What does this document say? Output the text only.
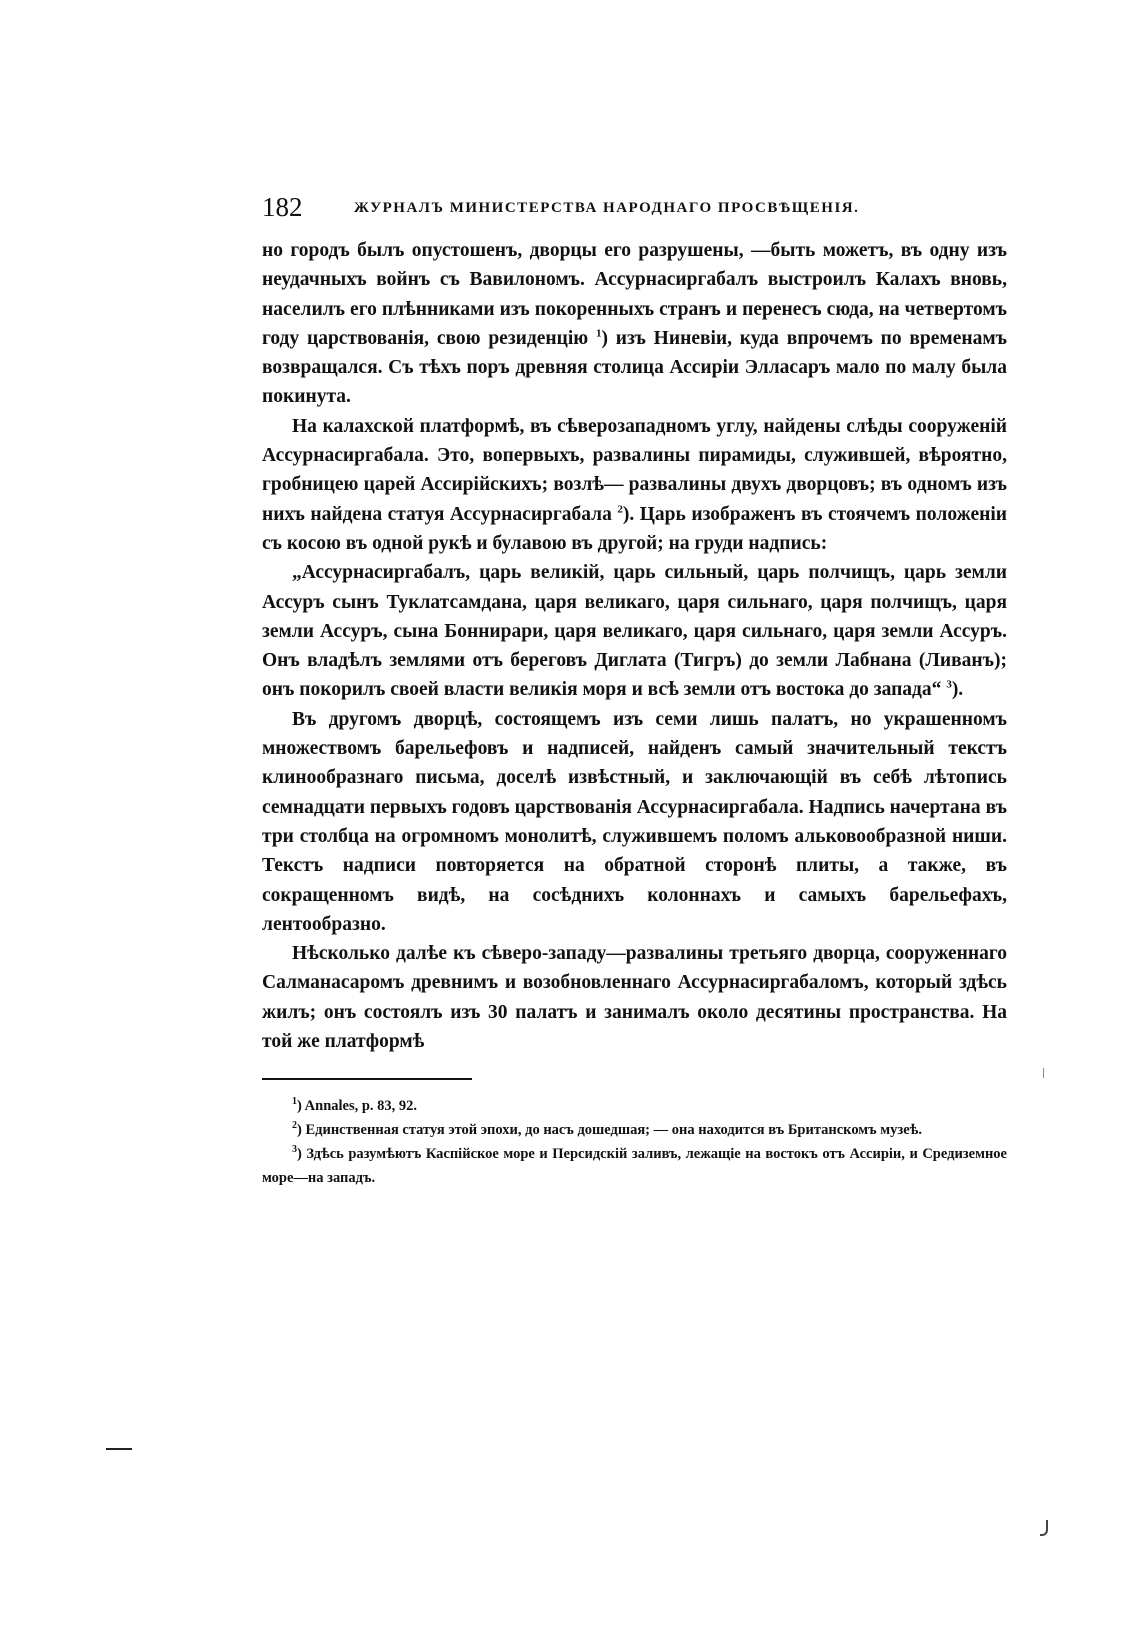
182	ЖУРНАЛЪ МИНИСТЕРСТВА НАРОДНАГО ПРОСВѢЩЕНІЯ.

но городъ былъ опустошенъ, дворцы его разрушены, —быть можетъ, въ одну изъ неудачныхъ войнъ съ Вавилономъ. Ассурнасиргабалъ выстроилъ Калахъ вновь, населилъ его плѣнниками изъ покоренныхъ странъ и перенесъ сюда, на четвертомъ году царствованія, свою резиденцію $^1$) изъ Ниневіи, куда впрочемъ по временамъ возвращался. Съ тѣхъ поръ древняя столица Ассиріи Элласаръ мало по малу была покинута.

На калахской платформѣ, въ сѣверозападномъ углу, найдены слѣды сооруженій Ассурнасиргабала. Это, вопервыхъ, развалины пирамиды, служившей, вѣроятно, гробницею царей Ассирійскихъ; возлѣ— развалины двухъ дворцовъ; въ одномъ изъ нихъ найдена статуя Ассурнасиргабала $^2$). Царь изображенъ въ стоячемъ положеніи съ косою въ одной рукѣ и булавою въ другой; на груди надпись:

„Ассурнасиргабалъ, царь великій, царь сильный, царь полчищъ, царь земли Ассуръ сынъ Туклатсамдана, царя великаго, царя сильнаго, царя полчищъ, царя земли Ассуръ, сына Боннирари, царя великаго, царя сильнаго, царя земли Ассуръ. Онъ владѣлъ землями отъ береговъ Диглата (Тигръ) до земли Лабнана (Ливанъ); онъ покорилъ своей власти великія моря и всѣ земли отъ востока до запада“ $^3$).

Въ другомъ дворцѣ, состоящемъ изъ семи лишь палатъ, но украшенномъ множествомъ барельефовъ и надписей, найденъ самый значительный текстъ клинообразнаго письма, доселѣ извѣстный, и заключающій въ себѣ лѣтопись семнадцати первыхъ годовъ царствованія Ассурнасиргабала. Надпись начертана въ три столбца на огромномъ монолитѣ, служившемъ поломъ альковообразной ниши. Текстъ надписи повторяется на обратной сторонѣ плиты, а также, въ сокращенномъ видѣ, на сосѣднихъ колоннахъ и самыхъ барельефахъ, лентообразно.

Нѣсколько далѣе къ сѣверо-западу—развалины третьяго дворца, сооруженнаго Салманасаромъ древнимъ и возобновленнаго Ассурнасиргабаломъ, который здѣсь жилъ; онъ состоялъ изъ 30 палатъ и занималъ около десятины пространства. На той же платформѣ

$^1$) Annales, p. 83, 92.

$^2$) Единственная статуя этой эпохи, до насъ дошедшая; — она находится въ Британскомъ музеѣ.

$^3$) Здѣсь разумѣютъ Каспійское море и Персидскій заливъ, лежащіе на востокъ отъ Ассиріи, и Средиземное море—на западъ.
